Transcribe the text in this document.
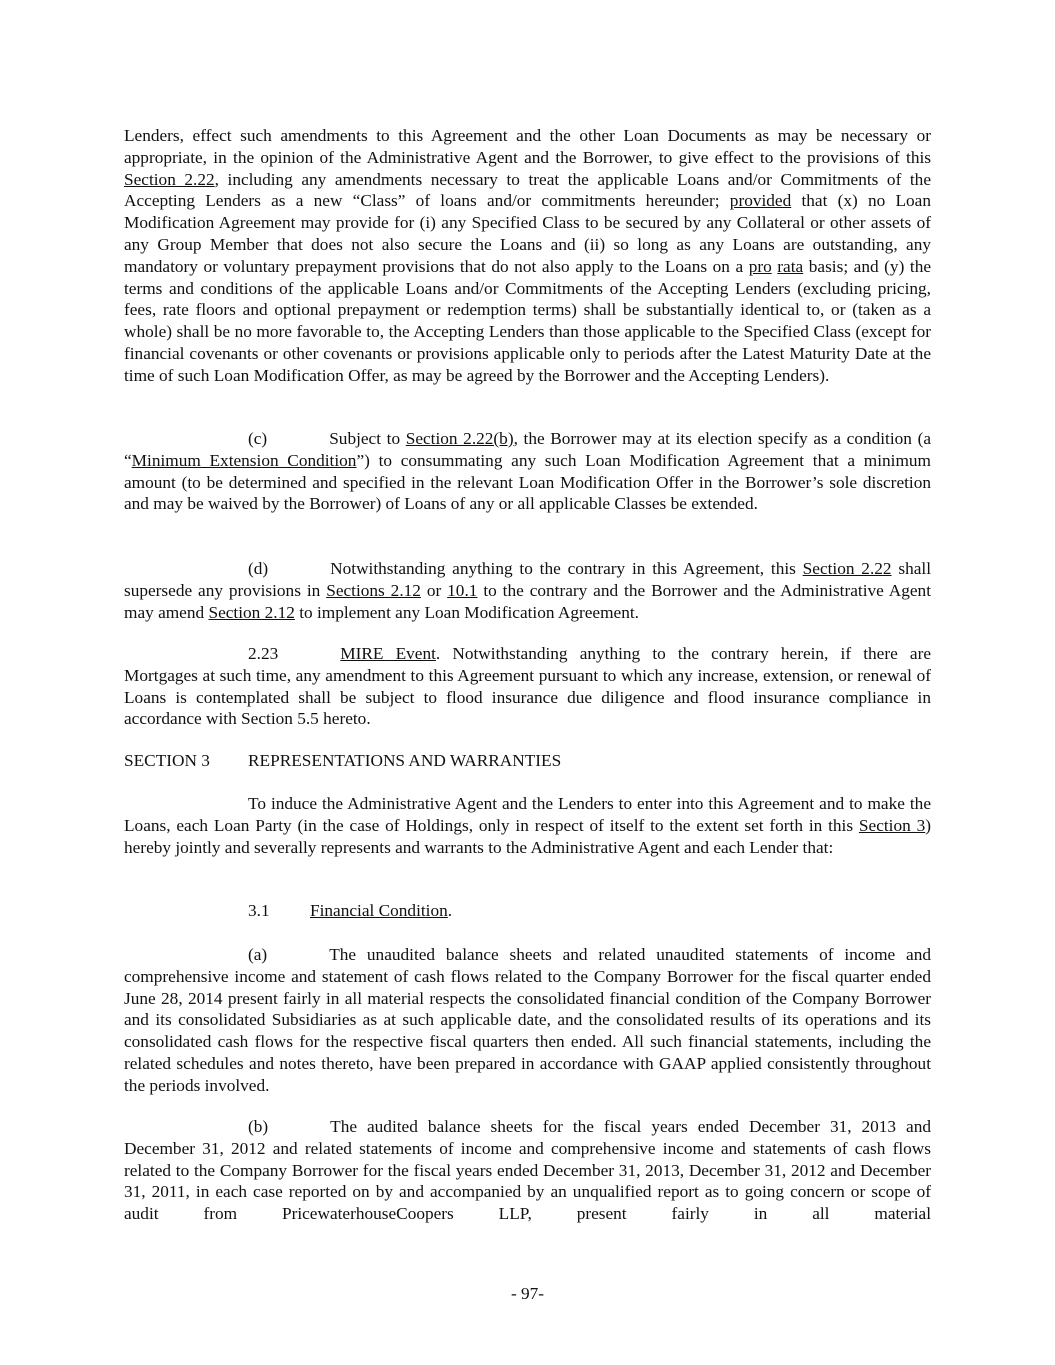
Lenders, effect such amendments to this Agreement and the other Loan Documents as may be necessary or appropriate, in the opinion of the Administrative Agent and the Borrower, to give effect to the provisions of this Section 2.22, including any amendments necessary to treat the applicable Loans and/or Commitments of the Accepting Lenders as a new “Class” of loans and/or commitments hereunder; provided that (x) no Loan Modification Agreement may provide for (i) any Specified Class to be secured by any Collateral or other assets of any Group Member that does not also secure the Loans and (ii) so long as any Loans are outstanding, any mandatory or voluntary prepayment provisions that do not also apply to the Loans on a pro rata basis; and (y) the terms and conditions of the applicable Loans and/or Commitments of the Accepting Lenders (excluding pricing, fees, rate floors and optional prepayment or redemption terms) shall be substantially identical to, or (taken as a whole) shall be no more favorable to, the Accepting Lenders than those applicable to the Specified Class (except for financial covenants or other covenants or provisions applicable only to periods after the Latest Maturity Date at the time of such Loan Modification Offer, as may be agreed by the Borrower and the Accepting Lenders).

(c)	Subject to Section 2.22(b), the Borrower may at its election specify as a condition (a “Minimum Extension Condition”) to consummating any such Loan Modification Agreement that a minimum amount (to be determined and specified in the relevant Loan Modification Offer in the Borrower’s sole discretion and may be waived by the Borrower) of Loans of any or all applicable Classes be extended.

(d)	Notwithstanding anything to the contrary in this Agreement, this Section 2.22 shall supersede any provisions in Sections 2.12 or 10.1 to the contrary and the Borrower and the Administrative Agent may amend Section 2.12 to implement any Loan Modification Agreement.

2.23	MIRE Event. Notwithstanding anything to the contrary herein, if there are Mortgages at such time, any amendment to this Agreement pursuant to which any increase, extension, or renewal of Loans is contemplated shall be subject to flood insurance due diligence and flood insurance compliance in accordance with Section 5.5 hereto.

SECTION 3 REPRESENTATIONS AND WARRANTIES

To induce the Administrative Agent and the Lenders to enter into this Agreement and to make the Loans, each Loan Party (in the case of Holdings, only in respect of itself to the extent set forth in this Section 3) hereby jointly and severally represents and warrants to the Administrative Agent and each Lender that:

3.1 Financial Condition.

(a)	The unaudited balance sheets and related unaudited statements of income and comprehensive income and statement of cash flows related to the Company Borrower for the fiscal quarter ended June 28, 2014 present fairly in all material respects the consolidated financial condition of the Company Borrower and its consolidated Subsidiaries as at such applicable date, and the consolidated results of its operations and its consolidated cash flows for the respective fiscal quarters then ended. All such financial statements, including the related schedules and notes thereto, have been prepared in accordance with GAAP applied consistently throughout the periods involved.

(b)	The audited balance sheets for the fiscal years ended December 31, 2013 and December 31, 2012 and related statements of income and comprehensive income and statements of cash flows related to the Company Borrower for the fiscal years ended December 31, 2013, December 31, 2012 and December 31, 2011, in each case reported on by and accompanied by an unqualified report as to going concern or scope of audit from PricewaterhouseCoopers LLP, present fairly in all material

- 97-
